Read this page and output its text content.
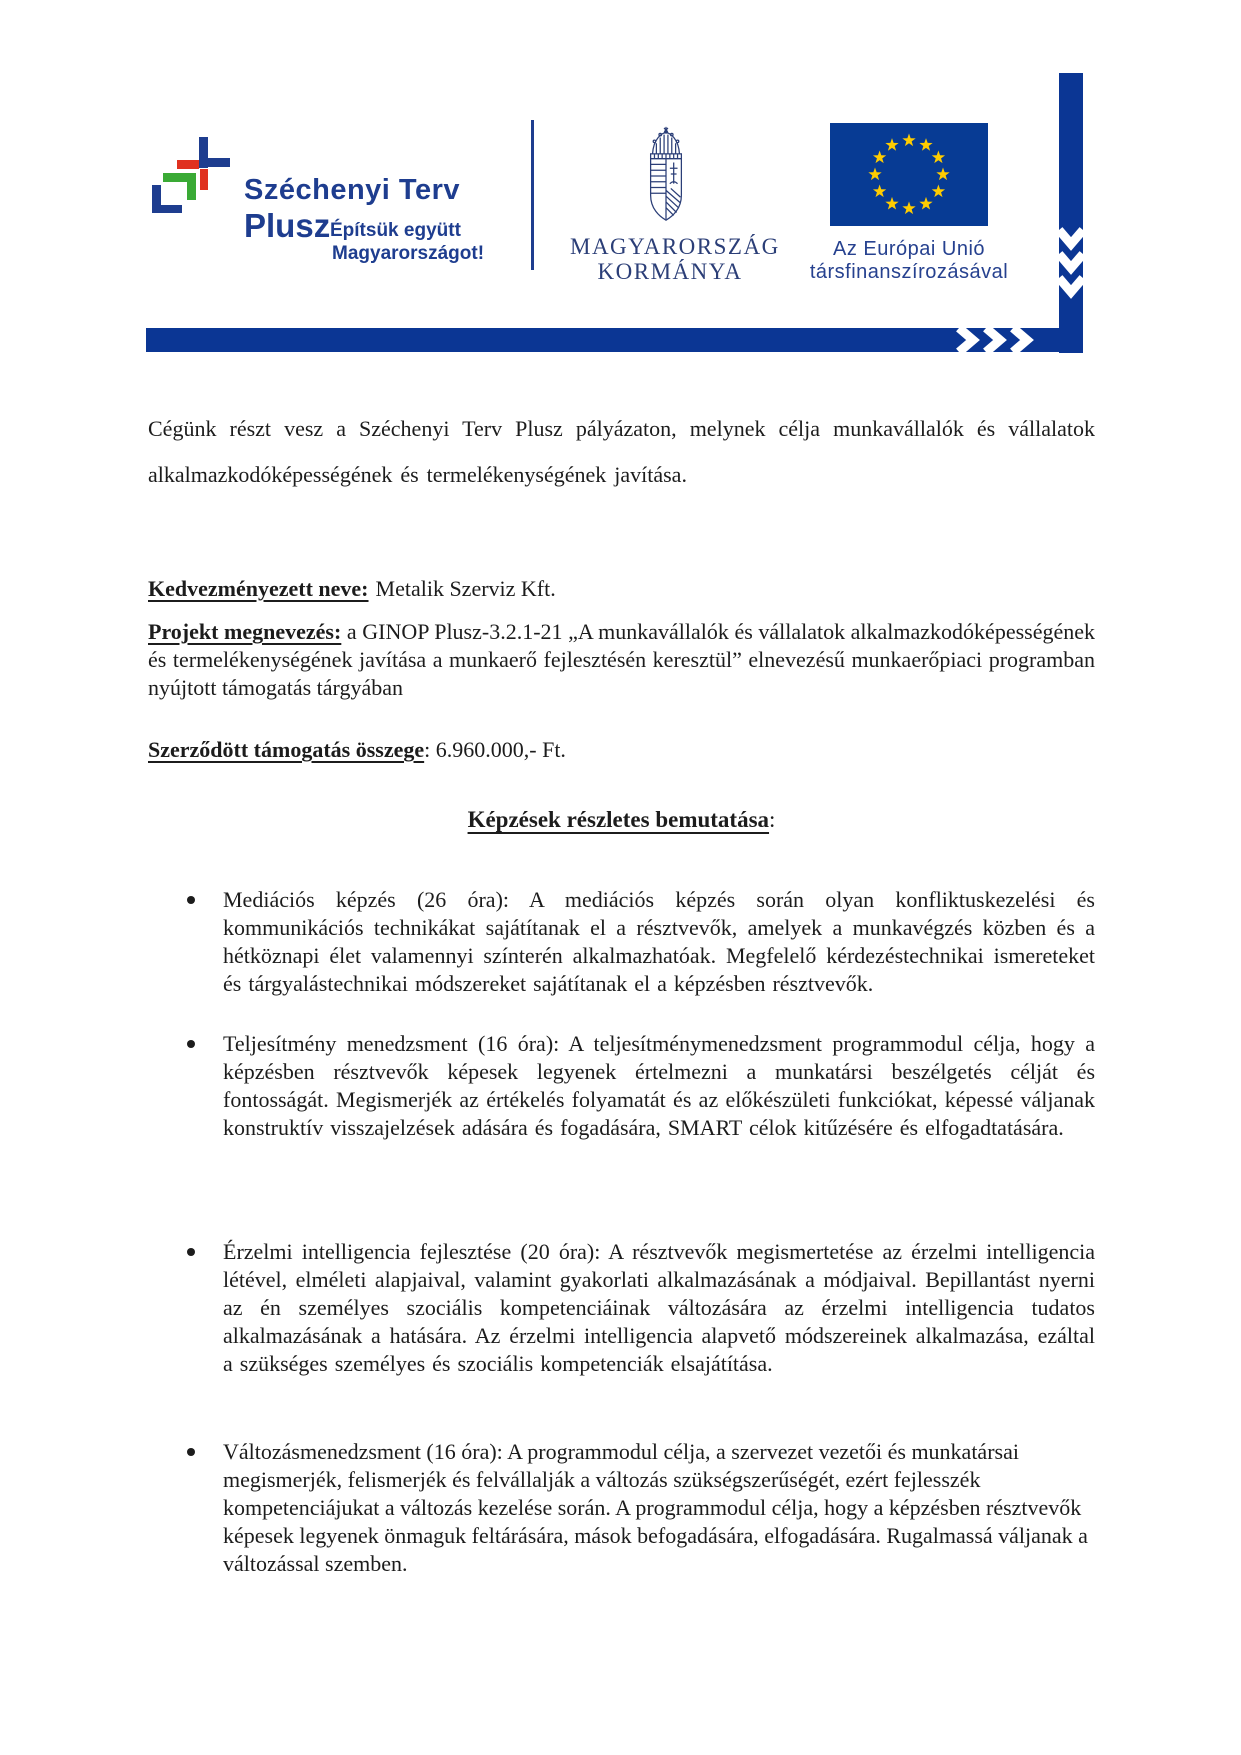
Széchenyi Terv
Plusz Építsük együtt
Magyarországot!	MAGYARORSZÁG
KORMÁNYA
Az Európai Unió
társfinanszírozásával

Cégünk részt vesz a Széchenyi Terv Plusz pályázaton, melynek célja munkavállalók és vállalatok alkalmazkodóképességének és termelékenységének javítása.

Kedvezményezett neve: Metalik Szerviz Kft.

Projekt megnevezés: a GINOP Plusz-3.2.1-21 „A munkavállalók és vállalatok alkalmazkodóképességének és termelékenységének javítása a munkaerő fejlesztésén keresztül” elnevezésű munkaerőpiaci programban nyújtott támogatás tárgyában

Szerződött támogatás összege: 6.960.000,- Ft.

Képzések részletes bemutatása:
Mediációs képzés (26 óra): A mediációs képzés során olyan konfliktuskezelési és kommunikációs technikákat sajátítanak el a résztvevők, amelyek a munkavégzés közben és a hétköznapi élet valamennyi színterén alkalmazhatóak. Megfelelő kérdezéstechnikai ismereteket és tárgyalástechnikai módszereket sajátítanak el a képzésben résztvevők.
Teljesítmény menedzsment (16 óra): A teljesítménymenedzsment programmodul célja, hogy a képzésben résztvevők képesek legyenek értelmezni a munkatársi beszélgetés célját és fontosságát. Megismerjék az értékelés folyamatát és az előkészületi funkciókat, képessé váljanak konstruktív visszajelzések adására és fogadására, SMART célok kitűzésére és elfogadtatására.
Érzelmi intelligencia fejlesztése (20 óra): A résztvevők megismertetése az érzelmi intelligencia létével, elméleti alapjaival, valamint gyakorlati alkalmazásának a módjaival. Bepillantást nyerni az én személyes szociális kompetenciáinak változására az érzelmi intelligencia tudatos alkalmazásának a hatására. Az érzelmi intelligencia alapvető módszereinek alkalmazása, ezáltal a szükséges személyes és szociális kompetenciák elsajátítása.
Változásmenedzsment (16 óra): A programmodul célja, a szervezet vezetői és munkatársai megismerjék, felismerjék és felvállalják a változás szükségszerűségét, ezért fejlesszék kompetenciájukat a változás kezelése során. A programmodul célja, hogy a képzésben résztvevők képesek legyenek önmaguk feltárására, mások befogadására, elfogadására. Rugalmassá váljanak a változással szemben.
